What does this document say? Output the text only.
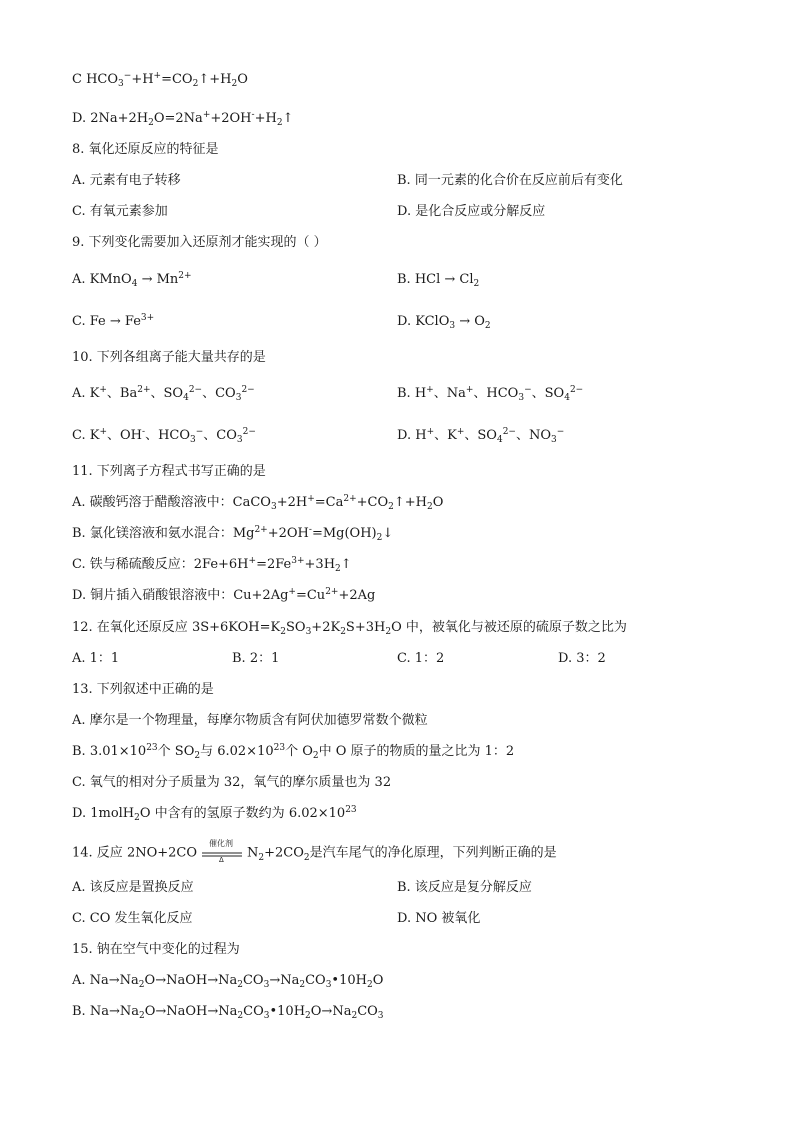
C $HCO_3^-+H^+=CO_2↑+H_2O$
D. $2Na+2H_2O=2Na^++2OH^-+H_2↑$
8. 氧化还原反应的特征是
A. 元素有电子转移	B. 同一元素的化合价在反应前后有变化
C. 有氧元素参加	D. 是化合反应或分解反应
9. 下列变化需要加入还原剂才能实现的（ ）
A. KMnO$_4$ → $Mn^{2+}$	B. HCl → $Cl_2$
C. $Fe \to Fe^{3+}$	D. KClO$_3$ → $O_2$
10. 下列各组离子能大量共存的是
A. K+、$Ba^{2+}$、$SO_4^{2-}$、$CO_3^{2-}$	B. H+、Na+、$HCO_3^-$、$SO_4^{2-}$
C. K+、OH-、$HCO_3^-$、$CO_3^{2-}$	D. H+、K+、$SO_4^{2-}$、$NO_3^-$
11. 下列离子方程式书写正确的是
A. 碳酸钙溶于醋酸溶液中：$CaCO_3+2H^+=Ca^{2+}+CO_2↑+H_2O$
B. 氯化镁溶液和氨水混合：$Mg^{2+}+2OH^-=Mg(OH)_2↓$
C. 铁与稀硫酸反应：$2Fe+6H^+=2Fe^{3+}+3H_2↑$
D. 铜片插入硝酸银溶液中：$Cu+2Ag^+=Cu^{2+}+2Ag$
12. 在氧化还原反应 $3S+6KOH=K_2SO_3+2K_2S+3H_2O$ 中，被氧化与被还原的硫原子数之比为
A. 1：1	B. 2：1	C. 1：2	D. 3：2
13. 下列叙述中正确的是
A. 摩尔是一个物理量，每摩尔物质含有阿伏加德罗常数个微粒
B. $3.01\times 10^{23}$个 $SO_2$与 $6.02\times 10^{23}$个 $O_2$中 O 原子的物质的量之比为 1：2
C. 氧气的相对分子质量为 32，氧气的摩尔质量也为 32
D. 1molH$_2$O 中含有的氢原子数约为 $6.02\times 10^{23}$
14. 反应 2NO+2CO
催化剂
Δ $N_2+2CO_2$是汽车尾气的净化原理，下列判断正确的是
A. 该反应是置换反应	B. 该反应是复分解反应
C. CO 发生氧化反应	D. NO 被氧化
15. 钠在空气中变化的过程为
A. $Na\to Na_2O\to NaOH\to Na_2CO_3\to Na_2CO_3•10H_2O$
B. $Na\to Na_2O\to NaOH\to Na_2CO_3•10H_2O\to Na_2CO_3$
